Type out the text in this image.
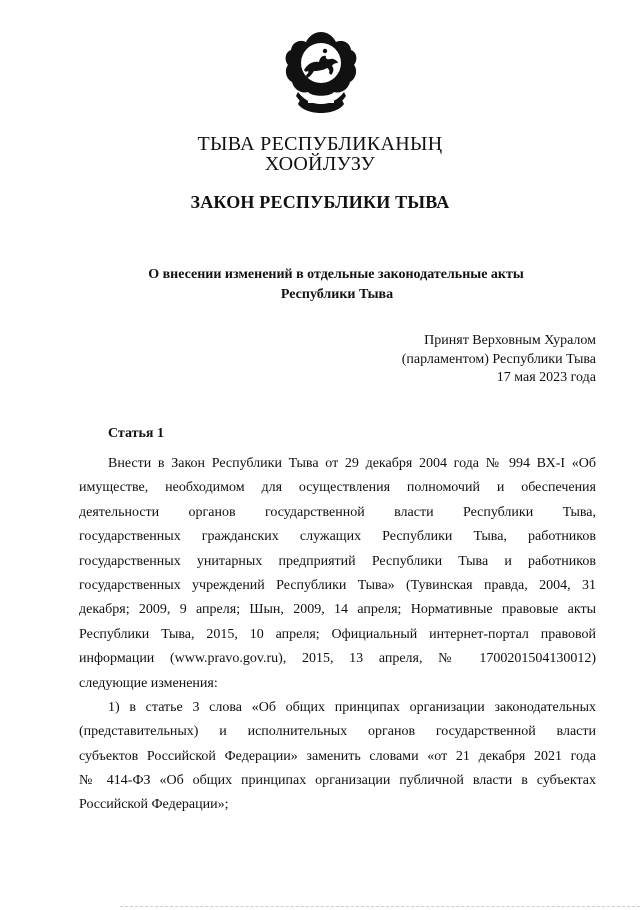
ТЫВА РЕСПУБЛИКАНЫҢ
ХООЙЛУЗУ
ЗАКОН РЕСПУБЛИКИ ТЫВА
О внесении изменений в отдельные законодательные акты
Республики Тыва
Принят Верховным Хуралом
(парламентом) Республики Тыва
17 мая 2023 года
Статья 1
Внести в Закон Республики Тыва от 29 декабря 2004 года № 994 ВХ-I «Об
имуществе, необходимом для осуществления полномочий и обеспечения
деятельности органов государственной власти Республики Тыва,
государственных гражданских служащих Республики Тыва, работников
государственных унитарных предприятий Республики Тыва и работников
государственных учреждений Республики Тыва» (Тувинская правда, 2004, 31
декабря; 2009, 9 апреля; Шын, 2009, 14 апреля; Нормативные правовые акты
Республики Тыва, 2015, 10 апреля; Официальный интернет-портал правовой
информации (www.pravo.gov.ru), 2015, 13 апреля, № 1700201504130012)
следующие изменения:
1) в статье 3 слова «Об общих принципах организации законодательных
(представительных) и исполнительных органов государственной власти
субъектов Российской Федерации» заменить словами «от 21 декабря 2021 года
№ 414-ФЗ «Об общих принципах организации публичной власти в субъектах
Российской Федерации»;
